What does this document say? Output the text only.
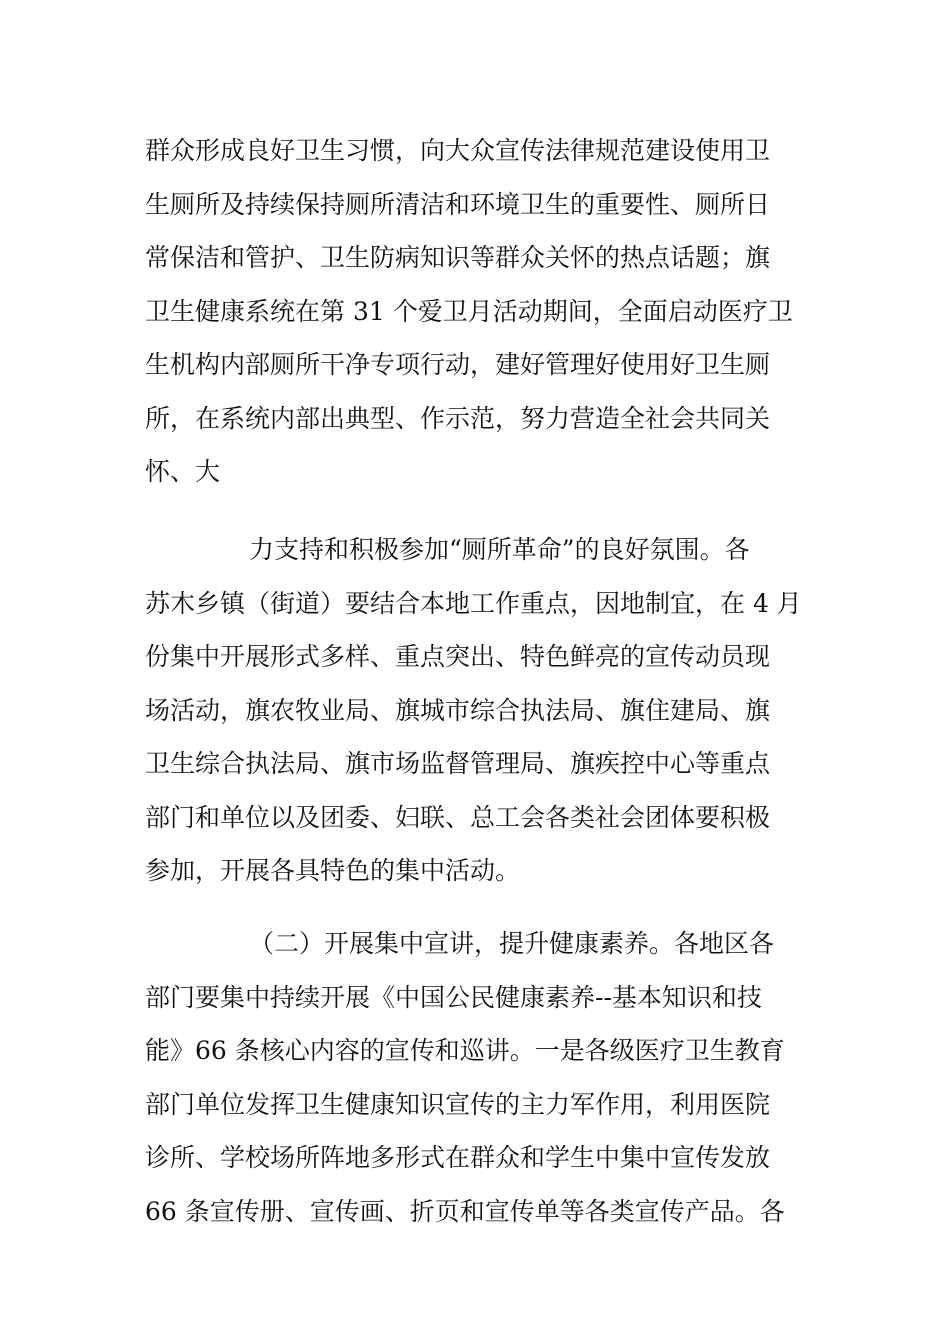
群众形成良好卫生习惯，向大众宣传法律规范建设使用卫
生厕所及持续保持厕所清洁和环境卫生的重要性、厕所日
常保洁和管护、卫生防病知识等群众关怀的热点话题；旗
卫生健康系统在第 31 个爱卫月活动期间，全面启动医疗卫
生机构内部厕所干净专项行动，建好管理好使用好卫生厕
所，在系统内部出典型、作示范，努力营造全社会共同关
怀、大
力支持和积极参加“厕所革命”的良好氛围。各
苏木乡镇（街道）要结合本地工作重点，因地制宜，在 4 月
份集中开展形式多样、重点突出、特色鲜亮的宣传动员现
场活动，旗农牧业局、旗城市综合执法局、旗住建局、旗
卫生综合执法局、旗市场监督管理局、旗疾控中心等重点
部门和单位以及团委、妇联、总工会各类社会团体要积极
参加，开展各具特色的集中活动。
（二）开展集中宣讲，提升健康素养。各地区各
部门要集中持续开展《中国公民健康素养--基本知识和技
能》66 条核心内容的宣传和巡讲。一是各级医疗卫生教育
部门单位发挥卫生健康知识宣传的主力军作用，利用医院
诊所、学校场所阵地多形式在群众和学生中集中宣传发放
66 条宣传册、宣传画、折页和宣传单等各类宣传产品。各
